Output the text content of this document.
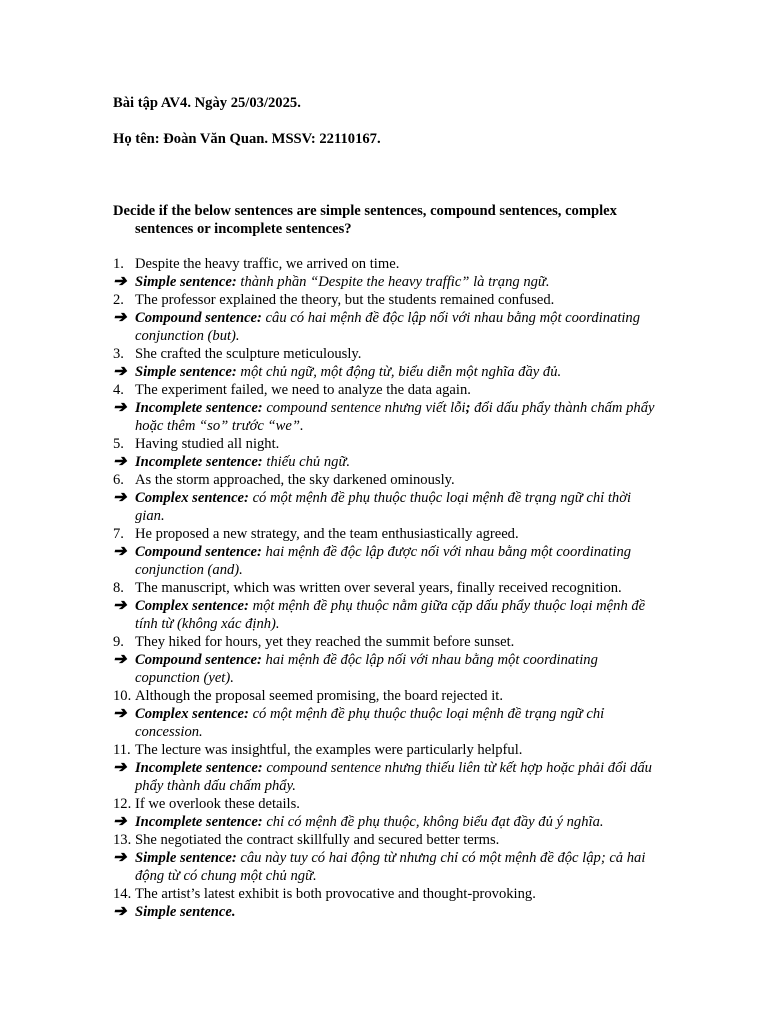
Bài tập AV4. Ngày 25/03/2025.
Họ tên: Đoàn Văn Quan. MSSV: 22110167.
Decide if the below sentences are simple sentences, compound sentences, complex
sentences or incomplete sentences?
1. Despite the heavy traffic, we arrived on time.
➔ Simple sentence: thành phần “Despite the heavy traffic” là trạng ngữ.
2. The professor explained the theory, but the students remained confused.
➔ Compound sentence: câu có hai mệnh đề độc lập nối với nhau bằng một coordinating
conjunction (but).
3. She crafted the sculpture meticulously.
➔ Simple sentence: một chủ ngữ, một động từ, biểu diễn một nghĩa đầy đủ.
4. The experiment failed, we need to analyze the data again.
➔ Incomplete sentence: compound sentence nhưng viết lỗi; đổi dấu phẩy thành chấm phẩy
hoặc thêm “so” trước “we”.
5. Having studied all night.
➔ Incomplete sentence: thiếu chủ ngữ.
6. As the storm approached, the sky darkened ominously.
➔ Complex sentence: có một mệnh đề phụ thuộc thuộc loại mệnh đề trạng ngữ chỉ thời
gian.
7. He proposed a new strategy, and the team enthusiastically agreed.
➔ Compound sentence: hai mệnh đề độc lập được nối với nhau bằng một coordinating
conjunction (and).
8. The manuscript, which was written over several years, finally received recognition.
➔ Complex sentence: một mệnh đề phụ thuộc nằm giữa cặp dấu phẩy thuộc loại mệnh đề
tính từ (không xác định).
9. They hiked for hours, yet they reached the summit before sunset.
➔ Compound sentence: hai mệnh đề độc lập nối với nhau bằng một coordinating
copunction (yet).
10. Although the proposal seemed promising, the board rejected it.
➔ Complex sentence: có một mệnh đề phụ thuộc thuộc loại mệnh đề trạng ngữ chỉ
concession.
11. The lecture was insightful, the examples were particularly helpful.
➔ Incomplete sentence: compound sentence nhưng thiếu liên từ kết hợp hoặc phải đổi dấu
phẩy thành dấu chấm phẩy.
12. If we overlook these details.
➔ Incomplete sentence: chỉ có mệnh đề phụ thuộc, không biểu đạt đầy đủ ý nghĩa.
13. She negotiated the contract skillfully and secured better terms.
➔ Simple sentence: câu này tuy có hai động từ nhưng chỉ có một mệnh đề độc lập; cả hai
động từ có chung một chủ ngữ.
14. The artist’s latest exhibit is both provocative and thought-provoking.
➔ Simple sentence.
